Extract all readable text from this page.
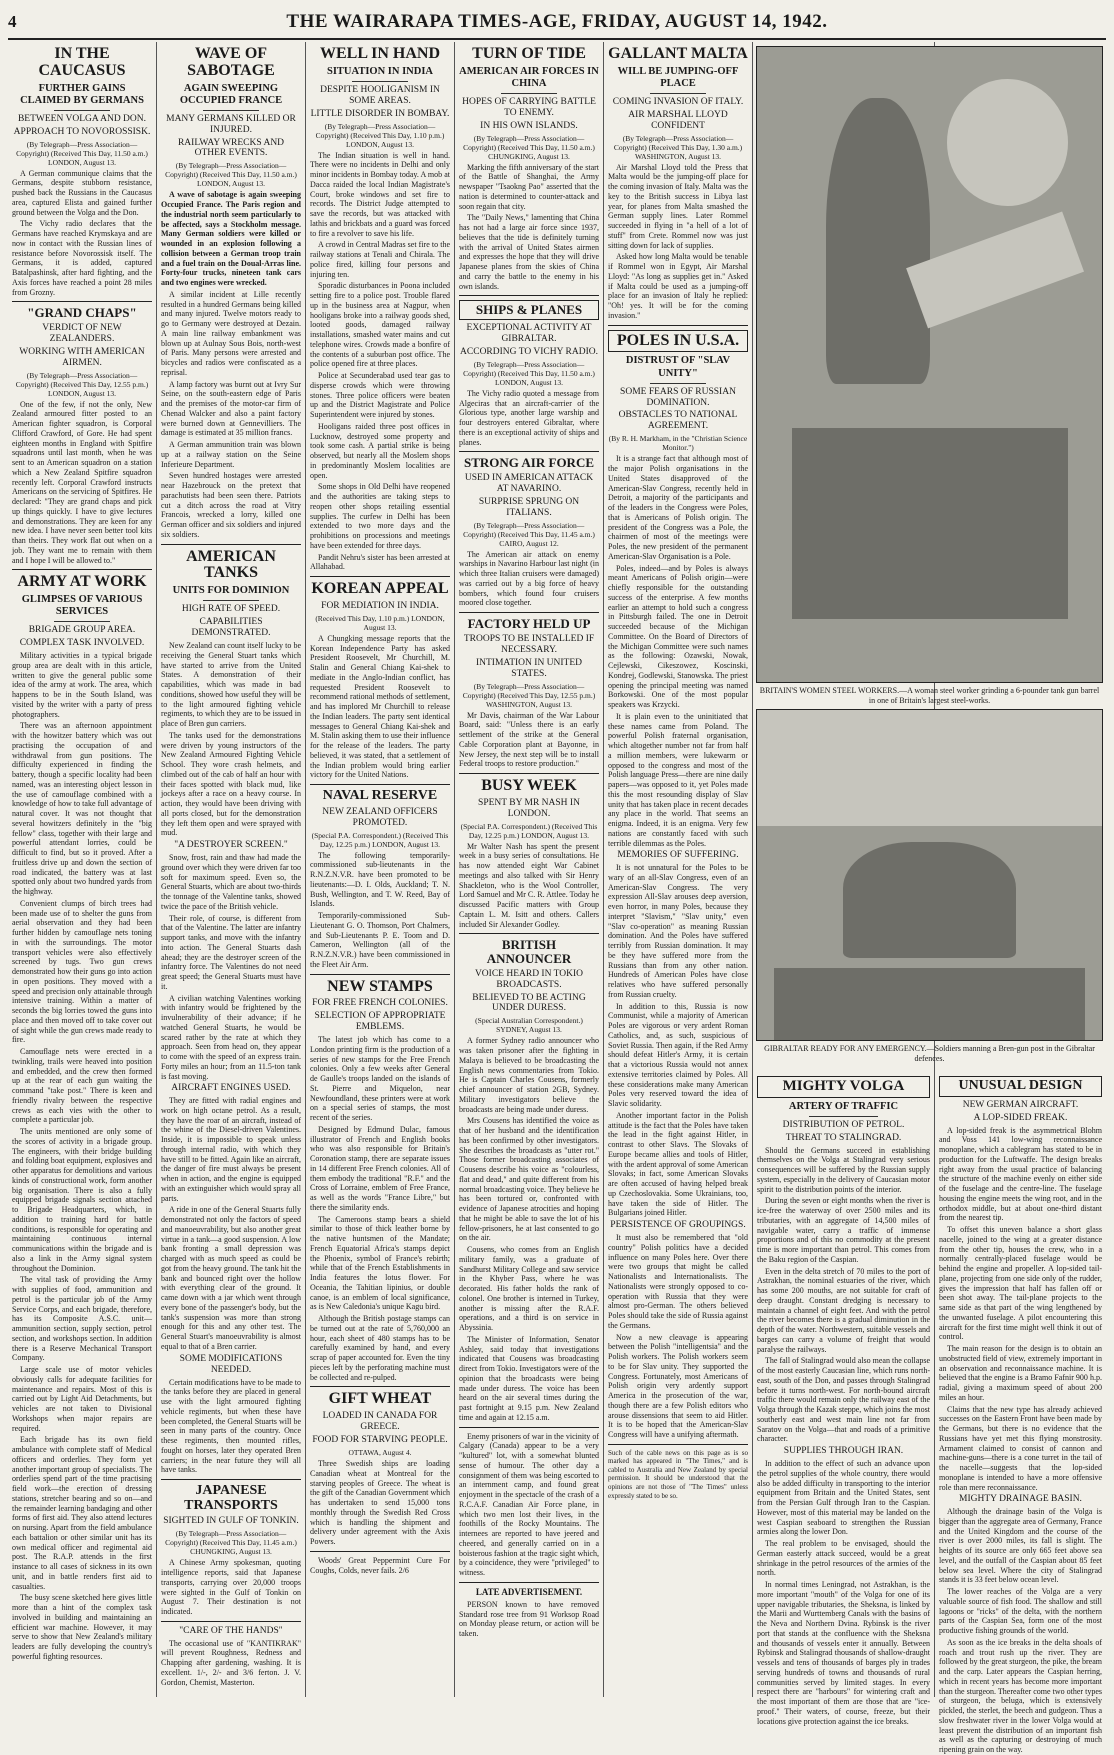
4	THE WAIRARAPA TIMES-AGE, FRIDAY, AUGUST 14, 1942.
IN THE CAUCASUS
FURTHER GAINS CLAIMED BY GERMANS
BETWEEN VOLGA AND DON.
APPROACH TO NOVOROSSISK.
(By Telegraph—Press Association—Copyright) (Received This Day, 11.50 a.m.) LONDON, August 13.

A German communique claims that the Germans, despite stubborn resistance, pushed back the Russians in the Caucasus area, captured Elista and gained further ground between the Volga and the Don.

The Vichy radio declares that the Germans have reached Krymskaya and are now in contact with the Russian lines of resistance before Novorossisk itself. The Germans, it is added, captured Batalpashinsk, after hard fighting, and the Axis forces have reached a point 28 miles from Grozny.

"GRAND CHAPS"
VERDICT OF NEW ZEALANDERS.
WORKING WITH AMERICAN AIRMEN.
(By Telegraph—Press Association—Copyright) (Received This Day, 12.55 p.m.) LONDON, August 13.

One of the few, if not the only, New Zealand armoured fitter posted to an American fighter squadron, is Corporal Clifford Crawford, of Gore. He had spent eighteen months in England with Spitfire squadrons until last month, when he was sent to an American squadron on a station which a New Zealand Spitfire squadron recently left. Corporal Crawford instructs Americans on the servicing of Spitfires. He declared: "They are grand chaps and pick up things quickly. I have to give lectures and demonstrations. They are keen for any new idea. I have never seen better tool kits than theirs. They work flat out when on a job. They want me to remain with them and I hope I will be allowed to."

ARMY AT WORK
GLIMPSES OF VARIOUS SERVICES
BRIGADE GROUP AREA.
COMPLEX TASK INVOLVED.

Military activities in a typical brigade group area are dealt with in this article, written to give the general public some idea of the army at work. The area, which happens to be in the South Island, was visited by the writer with a party of press photographers.

There was an afternoon appointment with the howitzer battery which was out practising the occupation of and withdrawal from gun positions. The difficulty experienced in finding the battery, though a specific locality had been named, was an interesting object lesson in the use of camouflage combined with a knowledge of how to take full advantage of natural cover. It was not thought that several howitzers definitely in the "big fellow" class, together with their large and powerful attendant lorries, could be difficult to find, but so it proved. After a fruitless drive up and down the section of road indicated, the battery was at last spotted only about two hundred yards from the highway.

Convenient clumps of birch trees had been made use of to shelter the guns from aerial observation and they had been further hidden by camouflage nets toning in with the surroundings. The motor transport vehicles were also effectively screened by tugs. Two gun crews demonstrated how their guns go into action in open positions. They moved with a speed and precision only attainable through intensive training. Within a matter of seconds the big lorries towed the guns into place and then moved off to take cover out of sight while the gun crews made ready to fire.

Camouflage nets were erected in a twinkling, trails were heaved into position and embedded, and the crew then formed up at the rear of each gun waiting the command "take post." There is keen and friendly rivalry between the respective crews as each vies with the other to complete a particular job.

The units mentioned are only some of the scores of activity in a brigade group. The engineers, with their bridge building and folding boat equipment, explosives and other apparatus for demolitions and various kinds of constructional work, form another big organisation. There is also a fully equipped brigade signals section attached to Brigade Headquarters, which, in addition to training hard for battle conditions, is responsible for operating and maintaining continuous internal communications within the brigade and is also a link in the Army signal system throughout the Dominion.

The vital task of providing the Army with supplies of food, ammunition and petrol is the particular job of the Army Service Corps, and each brigade, therefore, has its Composite A.S.C. unit—ammunition section, supply section, petrol section, and workshops section. In addition there is a Reserve Mechanical Transport Company.

Large scale use of motor vehicles obviously calls for adequate facilities for maintenance and repairs. Most of this is carried out by Light Aid Detachments, but vehicles are not taken to Divisional Workshops when major repairs are required.

Each brigade has its own field ambulance with complete staff of Medical officers and orderlies. They form yet another important group of specialists. The orderlies spend part of the time practising field work—the erection of dressing stations, stretcher bearing and so on—and the remainder learning bandaging and other forms of first aid. They also attend lectures on nursing. Apart from the field ambulance each battalion or other similar unit has its own medical officer and regimental aid post. The R.A.P. attends in the first instance to all cases of sickness in its own unit, and in battle renders first aid to casualties.

The busy scene sketched here gives little more than a hint of the complex task involved in building and maintaining an efficient war machine. However, it may serve to show that New Zealand's military leaders are fully developing the country's powerful fighting resources.

WAVE OF SABOTAGE
AGAIN SWEEPING OCCUPIED FRANCE
MANY GERMANS KILLED OR INJURED.
RAILWAY WRECKS AND OTHER EVENTS.
(By Telegraph—Press Association—Copyright) (Received This Day, 11.50 a.m.) LONDON, August 13.

A wave of sabotage is again sweeping Occupied France. The Paris region and the industrial north seem particularly to be affected, says a Stockholm message. Many German soldiers were killed or wounded in an explosion following a collision between a German troop train and a fuel train on the Doual-Arras line. Forty-four trucks, nineteen tank cars and two engines were wrecked.

A similar incident at Lille recently resulted in a hundred Germans being killed and many injured. Twelve motors ready to go to Germany were destroyed at Dezain. A main line railway embankment was blown up at Aulnay Sous Bois, north-west of Paris. Many persons were arrested and bicycles and radios were confiscated as a reprisal.

A lamp factory was burnt out at Ivry Sur Seine, on the south-eastern edge of Paris and the premises of the motor-car firm of Chenad Walcker and also a paint factory were burned down at Gennevilliers. The damage is estimated at 35 million francs.

A German ammunition train was blown up at a railway station on the Seine Inferieure Department.

Seven hundred hostages were arrested near Hazebrouck on the pretext that parachutists had been seen there. Patriots cut a ditch across the road at Vitry Francois, wrecked a lorry, killed one German officer and six soldiers and injured six soldiers.

AMERICAN TANKS
UNITS FOR DOMINION
HIGH RATE OF SPEED.
CAPABILITIES DEMONSTRATED.

New Zealand can count itself lucky to be receiving the General Stuart tanks which have started to arrive from the United States. A demonstration of their capabilities, which was made in bad conditions, showed how useful they will be to the light armoured fighting vehicle regiments, to which they are to be issued in place of Bren gun carriers.

The tanks used for the demonstrations were driven by young instructors of the New Zealand Armoured Fighting Vehicle School. They wore crash helmets, and climbed out of the cab of half an hour with their faces spotted with black mud, like jockeys after a race on a heavy course. In action, they would have been driving with all ports closed, but for the demonstration they left them open and were sprayed with mud.

"A DESTROYER SCREEN."

Snow, frost, rain and thaw had made the ground over which they were driven far too soft for maximum speed. Even so, the General Stuarts, which are about two-thirds the tonnage of the Valentine tanks, showed twice the pace of the British vehicle.

Their role, of course, is different from that of the Valentine. The latter are infantry support tanks, and move with the infantry into action. The General Stuarts dash ahead; they are the destroyer screen of the infantry force. The Valentines do not need great speed; the General Stuarts must have it.

A civilian watching Valentines working with infantry would be frightened by the invulnerability of their advance; if he watched General Stuarts, he would be scared rather by the rate at which they approach. Seen from head on, they appear to come with the speed of an express train. Forty miles an hour; from an 11.5-ton tank is fast moving.

AIRCRAFT ENGINES USED.

They are fitted with radial engines and work on high octane petrol. As a result, they have the roar of an aircraft, instead of the whine of the Diesel-driven Valentines. Inside, it is impossible to speak unless through internal radio, with which they have still to be fitted. Again like an aircraft, the danger of fire must always be present when in action, and the engine is equipped with an extinguisher which would spray all parts.

A ride in one of the General Stuarts fully demonstrated not only the factors of speed and manoeuvrability, but also another great virtue in a tank—a good suspension. A low bank fronting a small depression was charged with as much speed as could be got from the heavy ground. The tank hit the bank and bounced right over the hollow with everything clear of the ground. It came down with a jar which went through every bone of the passenger's body, but the tank's suspension was more than strong enough for this and any other test. The General Stuart's manoeuvrability is almost equal to that of a Bren carrier.

SOME MODIFICATIONS NEEDED.

Certain modifications have to be made to the tanks before they are placed in general use with the light armoured fighting vehicle regiments, but when these have been completed, the General Stuarts will be seen in many parts of the country. Once these regiments, then mounted rifles, fought on horses, later they operated Bren carriers; in the near future they will all have tanks.

JAPANESE TRANSPORTS
SIGHTED IN GULF OF TONKIN.
(By Telegraph—Press Association—Copyright) (Received This Day, 11.45 a.m.) CHUNGKING, August 13.

A Chinese Army spokesman, quoting intelligence reports, said that Japanese transports, carrying over 20,000 troops were sighted in the Gulf of Tonkin on August 7. Their destination is not indicated.

"CARE OF THE HANDS"

The occasional use of "KANTIKRAK" will prevent Roughness, Redness and Chapping after gardening, washing. It is excellent. 1/-, 2/- and 3/6 ferton. J. V. Gordon, Chemist, Masterton.

WELL IN HAND
SITUATION IN INDIA
DESPITE HOOLIGANISM IN SOME AREAS.
LITTLE DISORDER IN BOMBAY.
(By Telegraph—Press Association—Copyright) (Received This Day, 1.10 p.m.) LONDON, August 13.

The Indian situation is well in hand. There were no incidents in Delhi and only minor incidents in Bombay today. A mob at Dacca raided the local Indian Magistrate's Court, broke windows and set fire to records. The District Judge attempted to save the records, but was attacked with lathis and brickbats and a guard was forced to fire a revolver to save his life.

A crowd in Central Madras set fire to the railway stations at Tenali and Chirala. The police fired, killing four persons and injuring ten.

Sporadic disturbances in Poona included setting fire to a police post. Trouble flared up in the business area at Nagpur, when hooligans broke into a railway goods shed, looted goods, damaged railway installations, smashed water mains and cut telephone wires. Crowds made a bonfire of the contents of a suburban post office. The police opened fire at three places.

Police at Secunderabad used tear gas to disperse crowds which were throwing stones. Three police officers were beaten up and the District Magistrate and Police Superintendent were injured by stones.

Hooligans raided three post offices in Lucknow, destroyed some property and took some cash. A partial strike is being observed, but nearly all the Moslem shops in predominantly Moslem localities are open.

Some shops in Old Delhi have reopened and the authorities are taking steps to reopen other shops retailing essential supplies. The curfew in Delhi has been extended to two more days and the prohibitions on processions and meetings have been extended for three days.

Pandit Nehru's sister has been arrested at Allahabad.

KOREAN APPEAL
FOR MEDIATION IN INDIA.
(Received This Day, 1.10 p.m.) LONDON, August 13.

A Chungking message reports that the Korean Independence Party has asked President Roosevelt, Mr Churchill, M. Stalin and General Chiang Kai-shek to mediate in the Anglo-Indian conflict, has requested President Roosevelt to recommend rational methods of settlement, and has implored Mr Churchill to release the Indian leaders. The party sent identical messages to General Chiang Kai-shek and M. Stalin asking them to use their influence for the release of the leaders. The party believed, it was stated, that a settlement of the Indian problem would bring earlier victory for the United Nations.

NAVAL RESERVE
NEW ZEALAND OFFICERS PROMOTED.
(Special P.A. Correspondent.) (Received This Day, 12.25 p.m.) LONDON, August 13.

The following temporarily-commissioned sub-lieutenants in the R.N.Z.N.V.R. have been promoted to be lieutenants:—D. I. Olds, Auckland; T. N. Bush, Wellington, and T. W. Reed, Bay of Islands.

Temporarily-commissioned Sub-Lieutenant G. O. Thomson, Port Chalmers, and Sub-Lieutenants P. E. Toom and D. Cameron, Wellington (all of the R.N.Z.N.V.R.) have been commissioned in the Fleet Air Arm.

NEW STAMPS
FOR FREE FRENCH COLONIES.
SELECTION OF APPROPRIATE EMBLEMS.

The latest job which has come to a London printing firm is the production of a series of new stamps for the Free French colonies. Only a few weeks after General de Gaulle's troops landed on the islands of St. Pierre and Miquelon, near Newfoundland, these printers were at work on a special series of stamps, the most recent of the series.

Designed by Edmund Dulac, famous illustrator of French and English books who was also responsible for Britain's Coronation stamp, there are separate issues in 14 different Free French colonies. All of them embody the traditional "R.F." and the Cross of Lorraine, emblem of Free France, as well as the words "France Libre," but there the similarity ends.

The Cameroons stamp bears a shield similar to those of thick leather borne by the native huntsmen of the Mandate; French Equatorial Africa's stamps depict the Phoenix, symbol of France's rebirth; while that of the French Establishments in India features the lotus flower. For Oceania, the Tahitian lipinius, or double canoe, is an emblem of local significance, as is New Caledonia's unique Kagu bird.

Although the British postage stamps can be turned out at the rate of 5,760,000 an hour, each sheet of 480 stamps has to be carefully examined by hand, and every scrap of paper accounted for. Even the tiny pieces left by the perforating machine must be collected and re-pulped.

GIFT WHEAT
LOADED IN CANADA FOR GREECE.
FOOD FOR STARVING PEOPLE.
OTTAWA, August 4.

Three Swedish ships are loading Canadian wheat at Montreal for the starving peoples of Greece. The wheat is the gift of the Canadian Government which has undertaken to send 15,000 tons monthly through the Swedish Red Cross which is handling the shipment and delivery under agreement with the Axis Powers.

Woods' Great Peppermint Cure For Coughs, Colds, never fails. 2/6

TURN OF TIDE
AMERICAN AIR FORCES IN CHINA
HOPES OF CARRYING BATTLE TO ENEMY.
IN HIS OWN ISLANDS.
(By Telegraph—Press Association—Copyright) (Received This Day, 11.50 a.m.) CHUNGKING, August 13.

Marking the fifth anniversary of the start of the Battle of Shanghai, the Army newspaper "Tsaokng Pao" asserted that the nation is determined to counter-attack and soon regain that city.

The "Daily News," lamenting that China has not had a large air force since 1937, believes that the tide is definitely turning with the arrival of United States airmen and expresses the hope that they will drive Japanese planes from the skies of China and carry the battle to the enemy in his own islands.

SHIPS & PLANES
EXCEPTIONAL ACTIVITY AT GIBRALTAR.
ACCORDING TO VICHY RADIO.
(By Telegraph—Press Association—Copyright) (Received This Day, 11.50 a.m.) LONDON, August 13.

The Vichy radio quoted a message from Algeciras that an aircraft-carrier of the Glorious type, another large warship and four destroyers entered Gibraltar, where there is an exceptional activity of ships and planes.

STRONG AIR FORCE
USED IN AMERICAN ATTACK AT NAVARINO.
SURPRISE SPRUNG ON ITALIANS.
(By Telegraph—Press Association—Copyright) (Received This Day, 11.45 a.m.) CAIRO, August 12.

The American air attack on enemy warships in Navarino Harbour last night (in which three Italian cruisers were damaged) was carried out by a big force of heavy bombers, which found four cruisers moored close together.

FACTORY HELD UP
TROOPS TO BE INSTALLED IF NECESSARY.
INTIMATION IN UNITED STATES.
(By Telegraph—Press Association—Copyright) (Received This Day, 12.55 p.m.) WASHINGTON, August 13.

Mr Davis, chairman of the War Labour Board, said: "Unless there is an early settlement of the strike at the General Cable Corporation plant at Bayonne, in New Jersey, the next step will be to install Federal troops to restore production."

BUSY WEEK
SPENT BY MR NASH IN LONDON.
(Special P.A. Correspondent.) (Received This Day, 12.25 p.m.) LONDON, August 13.

Mr Walter Nash has spent the present week in a busy series of consultations. He has now attended eight War Cabinet meetings and also talked with Sir Henry Shackleton, who is the Wool Controller, Lord Samuel and Mr C. R. Attlee. Today he discussed Pacific matters with Group Captain L. M. Isitt and others. Callers included Sir Alexander Godley.

BRITISH ANNOUNCER
VOICE HEARD IN TOKIO BROADCASTS.
BELIEVED TO BE ACTING UNDER DURESS.
(Special Australian Correspondent.) SYDNEY, August 13.

A former Sydney radio announcer who was taken prisoner after the fighting in Malaya is believed to be broadcasting the English news commentaries from Tokio. He is Captain Charles Cousens, formerly chief announcer of station 2GB, Sydney. Military investigators believe the broadcasts are being made under duress.

Mrs Cousens has identified the voice as that of her husband and the identification has been confirmed by other investigators. She describes the broadcasts as "utter rot." Those former broadcasting associates of Cousens describe his voice as "colourless, flat and dead," and quite different from his normal broadcasting voice. They believe he has been tortured or, confronted with evidence of Japanese atrocities and hoping that he might be able to save the lot of his fellow-prisoners, he at last consented to go on the air.

Cousens, who comes from an English military family, was a graduate of Sandhurst Military College and saw service in the Khyber Pass, where he was decorated. His father holds the rank of colonel. One brother is interned in Turkey, another is missing after the R.A.F. operations, and a third is on service in Abyssinia.

The Minister of Information, Senator Ashley, said today that investigations indicated that Cousens was broadcasting direct from Tokio. Investigators were of the opinion that the broadcasts were being made under duress. The voice has been heard on the air several times during the past fortnight at 9.15 p.m. New Zealand time and again at 12.15 a.m.

Enemy prisoners of war in the vicinity of Calgary (Canada) appear to be a very "kultured" lot, with a somewhat blunted sense of humour. The other day a consignment of them was being escorted to an internment camp, and found great enjoyment in the spectacle of the crash of a R.C.A.F. Canadian Air Force plane, in which two men lost their lives, in the foothills of the Rocky Mountains. The internees are reported to have jeered and cheered, and generally carried on in a boisterous fashion at the tragic sight which, by a coincidence, they were "privileged" to witness.

LATE ADVERTISEMENT.

PERSON known to have removed Standard rose tree from 91 Worksop Road on Monday please return, or action will be taken.

GALLANT MALTA
WILL BE JUMPING-OFF PLACE
COMING INVASION OF ITALY.
AIR MARSHAL LLOYD CONFIDENT
(By Telegraph—Press Association—Copyright) (Received This Day, 1.30 a.m.) WASHINGTON, August 13.

Air Marshal Lloyd told the Press that Malta would be the jumping-off place for the coming invasion of Italy. Malta was the key to the British success in Libya last year, for planes from Malta smashed the German supply lines. Later Rommel succeeded in flying in "a hell of a lot of stuff" from Crete. Rommel now was just sitting down for lack of supplies.

Asked how long Malta would be tenable if Rommel won in Egypt, Air Marshal Lloyd: "As long as supplies get in." Asked if Malta could be used as a jumping-off place for an invasion of Italy he replied: "Oh! yes. It will be for the coming invasion."

POLES IN U.S.A.
DISTRUST OF "SLAV UNITY"
SOME FEARS OF RUSSIAN DOMINATION.
OBSTACLES TO NATIONAL AGREEMENT.
(By R. H. Markham, in the "Christian Science Monitor.")

It is a strange fact that although most of the major Polish organisations in the United States disapproved of the American-Slav Congress, recently held in Detroit, a majority of the participants and of the leaders in the Congress were Poles, that is Americans of Polish origin. The president of the Congress was a Pole, the chairmen of most of the meetings were Poles, the new president of the permanent American-Slav Organisation is a Pole.

Poles, indeed—and by Poles is always meant Americans of Polish origin—were chiefly responsible for the outstanding success of the enterprise. A few months earlier an attempt to hold such a congress in Pittsburgh failed. The one in Detroit succeeded because of the Michigan Committee. On the Board of Directors of the Michigan Committee were such names as the following: Ozawski, Nowak, Cejlewski, Cikeszowez, Koscinski, Kondrej, Godlewski, Stanowska. The priest opening the principal meeting was named Borkowski. One of the most popular speakers was Krzycki.

It is plain even to the uninitiated that these names came from Poland. The powerful Polish fraternal organisation, which altogether number not far from half a million members, were lukewarm or opposed to the congress and most of the Polish language Press—there are nine daily papers—was opposed to it, yet Poles made this the most resounding display of Slav unity that has taken place in recent decades any place in the world. That seems an enigma. Indeed, it is an enigma. Very few nations are constantly faced with such terrible dilemmas as the Poles.

MEMORIES OF SUFFERING.

It is not unnatural for the Poles to be wary of an all-Slav Congress, even of an American-Slav Congress. The very expression All-Slav arouses deep aversion, even horror, in many Poles, because they interpret "Slavism," "Slav unity," even "Slav co-operation" as meaning Russian domination. And the Poles have suffered terribly from Russian domination. It may be they have suffered more from the Russians than from any other nation. Hundreds of American Poles have close relatives who have suffered personally from Russian cruelty.

In addition to this, Russia is now Communist, while a majority of American Poles are vigorous or very ardent Roman Catholics, and, as such, suspicious of Soviet Russia. Then again, if the Red Army should defeat Hitler's Army, it is certain that a victorious Russia would not annex extensive territories claimed by Poles. All these considerations make many American Poles very reserved toward the idea of Slavic solidarity.

Another important factor in the Polish attitude is the fact that the Poles have taken the lead in the fight against Hitler, in contrast to other Slavs. The Slovaks of Europe became allies and tools of Hitler, with the ardent approval of some American Slovaks; in fact, some American Slovaks are often accused of having helped break up Czechoslovakia. Some Ukrainians, too, have taken the side of Hitler. The Bulgarians joined Hitler.

PERSISTENCE OF GROUPINGS.

It must also be remembered that "old country" Polish politics have a decided influence on many Poles here. Over there were two groups that might be called Nationalists and Internationalists. The Nationalists were strongly opposed to co-operation with Russia that they were almost pro-German. The others believed Poles should take the side of Russia against the Germans.

Now a new cleavage is appearing between the Polish "intelligentsia" and the Polish workers. The Polish workers seem to be for Slav unity. They supported the Congress. Fortunately, most Americans of Polish origin very ardently support America in the prosecution of the war, though there are a few Polish editors who arouse dissensions that seem to aid Hitler. It is to be hoped that the American-Slav Congress will have a unifying aftermath.

Such of the cable news on this page as is so marked has appeared in "The Times," and is cabled to Australia and New Zealand by special permission. It should be understood that the opinions are not those of "The Times" unless expressly stated to be so.

BRITAIN'S WOMEN STEEL WORKERS.—A woman steel worker grinding a 6-pounder tank gun barrel in one of Britain's largest steel-works.
GIBRALTAR READY FOR ANY EMERGENCY.—Soldiers manning a Bren-gun post in the Gibraltar defences.
MIGHTY VOLGA
ARTERY OF TRAFFIC
DISTRIBUTION OF PETROL.
THREAT TO STALINGRAD.

Should the Germans succeed in establishing themselves on the Volga at Stalingrad very serious consequences will be suffered by the Russian supply system, especially in the delivery of Caucasian motor spirit to the distribution points of the interior.

During the seven or eight months when the river is ice-free the waterway of over 2500 miles and its tributaries, with an aggregate of 14,500 miles of navigable water, carry a traffic of immense proportions and of this no commodity at the present time is more important than petrol. This comes from the Baku region of the Caspian.

Even in the delta stretch of 70 miles to the port of Astrakhan, the nominal estuaries of the river, which has some 200 mouths, are not suitable for craft of deep draught. Constant dredging is necessary to maintain a channel of eight feet. And with the petrol the river becomes there is a gradual diminution in the depth of the water. Northwestern, suitable vessels and barges can carry a volume of freight that would paralyse the railways.

The fall of Stalingrad would also mean the collapse of the most easterly Caucasian line, which runs north-east, south of the Don, and passes through Stalingrad before it turns north-west. For north-bound aircraft traffic there would remain only the railway east of the Volga through the Kazak steppe, which joins the most southerly east and west main line not far from Saratov on the Volga—that and roads of a primitive character.

SUPPLIES THROUGH IRAN.

In addition to the effect of such an advance upon the petrol supplies of the whole country, there would also be added difficulty in transporting to the interior equipment from Britain and the United States, sent from the Persian Gulf through Iran to the Caspian. However, most of this material may be landed on the west Caspian seaboard to strengthen the Russian armies along the lower Don.

The real problem to be envisaged, should the German easterly attack succeed, would be a great shrinkage in the petrol resources of the armies of the north.

In normal times Leningrad, not Astrakhan, is the more important "mouth" of the Volga for one of its upper navigable tributaries, the Sheksna, is linked by the Marii and Wurttemberg Canals with the basins of the Neva and Northern Dvina. Rybinsk is the river port that stands at the confluence with the Sheksna and thousands of vessels enter it annually. Between Rybinsk and Stalingrad thousands of shallow-draught vessels and tens of thousands of barges ply in trades serving hundreds of towns and thousands of rural communities served by limited stages. In every respect there are "harbours" for wintering craft and the most important of them are those that are "ice-proof." Their waters, of course, freeze, but their locations give protection against the ice breaks.

UNUSUAL DESIGN
NEW GERMAN AIRCRAFT.
A LOP-SIDED FREAK.

A lop-sided freak is the asymmetrical Blohm and Voss 141 low-wing reconnaissance monoplane, which a cablegram has stated to be in production for the Luftwaffe. The design breaks right away from the usual practice of balancing the structure of the machine evenly on either side of the fuselage and the centre-line. The fuselage housing the engine meets the wing root, and in the orthodox middle, but at about one-third distant from the nearest tip.

To offset this uneven balance a short glass nacelle, joined to the wing at a greater distance from the other tip, houses the crew, who in a normally centrally-placed fuselage would be behind the engine and propeller. A lop-sided tail-plane, projecting from one side only of the rudder, gives the impression that half has fallen off or been shot away. The tail-plane projects to the same side as that part of the wing lengthened by the unwanted fuselage. A pilot encountering this aircraft for the first time might well think it out of control.

The main reason for the design is to obtain an unobstructed field of view, extremely important in an observation and reconnaissance machine. It is believed that the engine is a Bramo Fafnir 900 h.p. radial, giving a maximum speed of about 200 miles an hour.

Claims that the new type has already achieved successes on the Eastern Front have been made by the Germans, but there is no evidence that the Russians have yet met this flying monstrosity. Armament claimed to consist of cannon and machine-guns—there is a cone turret in the tail of the nacelle—suggests that the lop-sided monoplane is intended to have a more offensive role than mere reconnaissance.

MIGHTY DRAINAGE BASIN.

Although the drainage basin of the Volga is bigger than the aggregate area of Germany, France and the United Kingdom and the course of the river is over 2000 miles, its fall is slight. The heights of its source are only 665 feet above sea level, and the outfall of the Caspian about 85 feet below sea level. Where the city of Stalingrad stands it is 33 feet below ocean level.

The lower reaches of the Volga are a very valuable source of fish food. The shallow and still lagoons or "ricks" of the delta, with the northern parts of the Caspian Sea, form one of the most productive fishing grounds of the world.

As soon as the ice breaks in the delta shoals of roach and trout rush up the river. They are followed by the great sturgeon, the pike, the bream and the carp. Later appears the Caspian herring, which in recent years has become more important than the sturgeon. Thereafter come two other types of sturgeon, the beluga, which is extensively pickled, the sterlet, the beech and gudgeon. Thus a slow freshwater river in the lower Volga would at least prevent the distribution of an important fish as well as the capturing or destroying of much ripening grain on the way.
